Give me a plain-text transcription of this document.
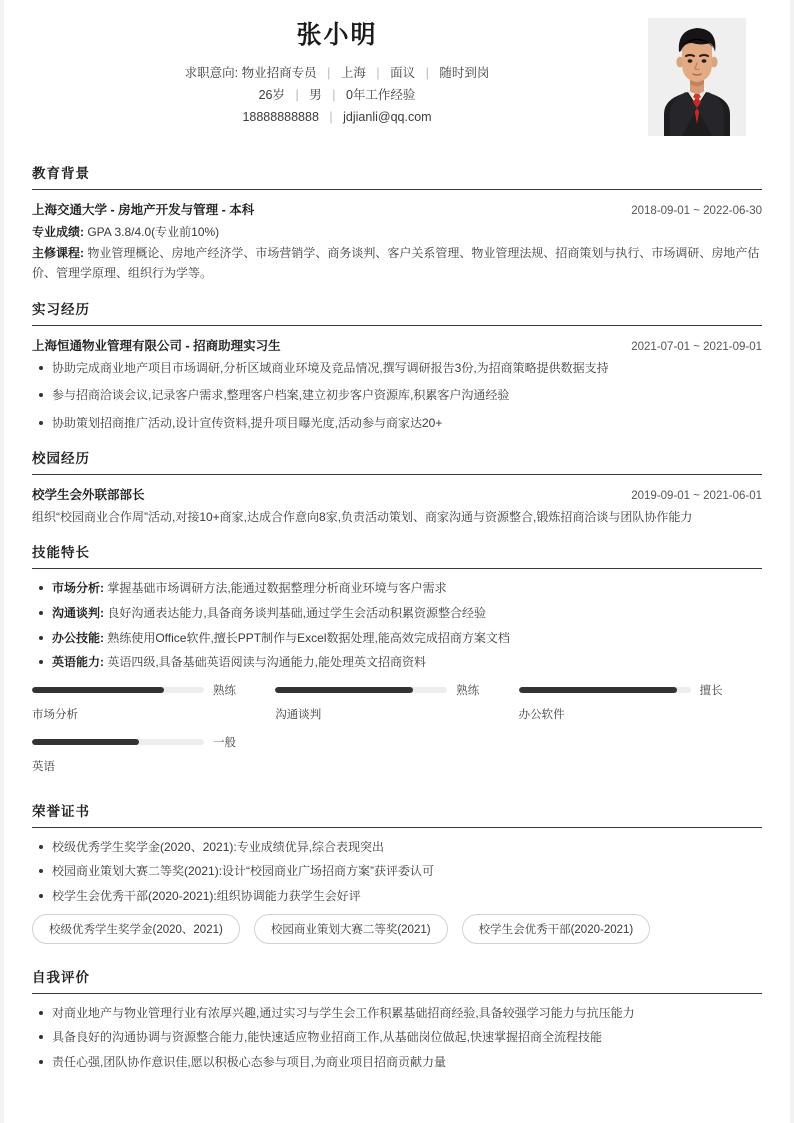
张小明
求职意向: 物业招商专员 | 上海 | 面议 | 随时到岗
26岁 | 男 | 0年工作经验
18888888888 | jdjianli@qq.com
教育背景
上海交通大学 - 房地产开发与管理 - 本科	2018-09-01 ~ 2022-06-30
专业成绩: GPA 3.8/4.0(专业前10%)
主修课程: 物业管理概论、房地产经济学、市场营销学、商务谈判、客户关系管理、物业管理法规、招商策划与执行、市场调研、房地产估价、管理学原理、组织行为学等。
实习经历
上海恒通物业管理有限公司 - 招商助理实习生	2021-07-01 ~ 2021-09-01
协助完成商业地产项目市场调研,分析区域商业环境及竞品情况,撰写调研报告3份,为招商策略提供数据支持
参与招商洽谈会议,记录客户需求,整理客户档案,建立初步客户资源库,积累客户沟通经验
协助策划招商推广活动,设计宣传资料,提升项目曝光度,活动参与商家达20+
校园经历
校学生会外联部部长	2019-09-01 ~ 2021-06-01
组织“校园商业合作周”活动,对接10+商家,达成合作意向8家,负责活动策划、商家沟通与资源整合,锻炼招商洽谈与团队协作能力
技能特长
市场分析: 掌握基础市场调研方法,能通过数据整理分析商业环境与客户需求
沟通谈判: 良好沟通表达能力,具备商务谈判基础,通过学生会活动积累资源整合经验
办公技能: 熟练使用Office软件,擅长PPT制作与Excel数据处理,能高效完成招商方案文档
英语能力: 英语四级,具备基础英语阅读与沟通能力,能处理英文招商资料
熟练
市场分析
熟练
沟通谈判
擅长
办公软件
一般
英语
荣誉证书
校级优秀学生奖学金(2020、2021):专业成绩优异,综合表现突出
校园商业策划大赛二等奖(2021):设计“校园商业广场招商方案”获评委认可
校学生会优秀干部(2020-2021):组织协调能力获学生会好评
校级优秀学生奖学金(2020、2021)	校园商业策划大赛二等奖(2021)	校学生会优秀干部(2020-2021)
自我评价
对商业地产与物业管理行业有浓厚兴趣,通过实习与学生会工作积累基础招商经验,具备较强学习能力与抗压能力
具备良好的沟通协调与资源整合能力,能快速适应物业招商工作,从基础岗位做起,快速掌握招商全流程技能
责任心强,团队协作意识佳,愿以积极心态参与项目,为商业项目招商贡献力量
